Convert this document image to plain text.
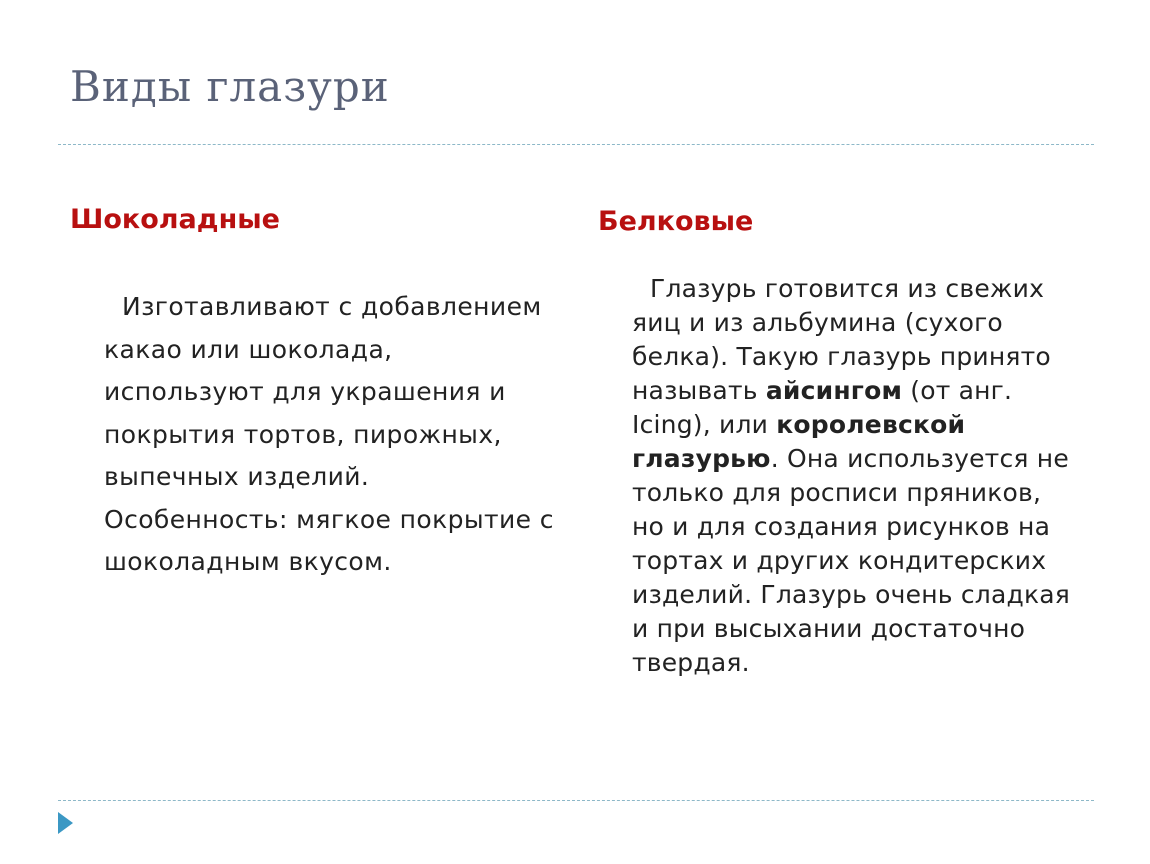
Виды глазури
Шоколадные

Изготавливают с добавлением какао или шоколада, используют для украшения и покрытия тортов, пирожных, выпечных изделий. Особенность: мягкое покрытие с шоколадным вкусом.

Белковые

Глазурь готовится из свежих яиц и из альбумина (сухого белка). Такую глазурь принято называть айсингом (от анг. Icing), или королевской глазурью. Она используется не только для росписи пряников, но и для создания рисунков на тортах и других кондитерских изделий. Глазурь очень сладкая и при высыхании достаточно твердая.
